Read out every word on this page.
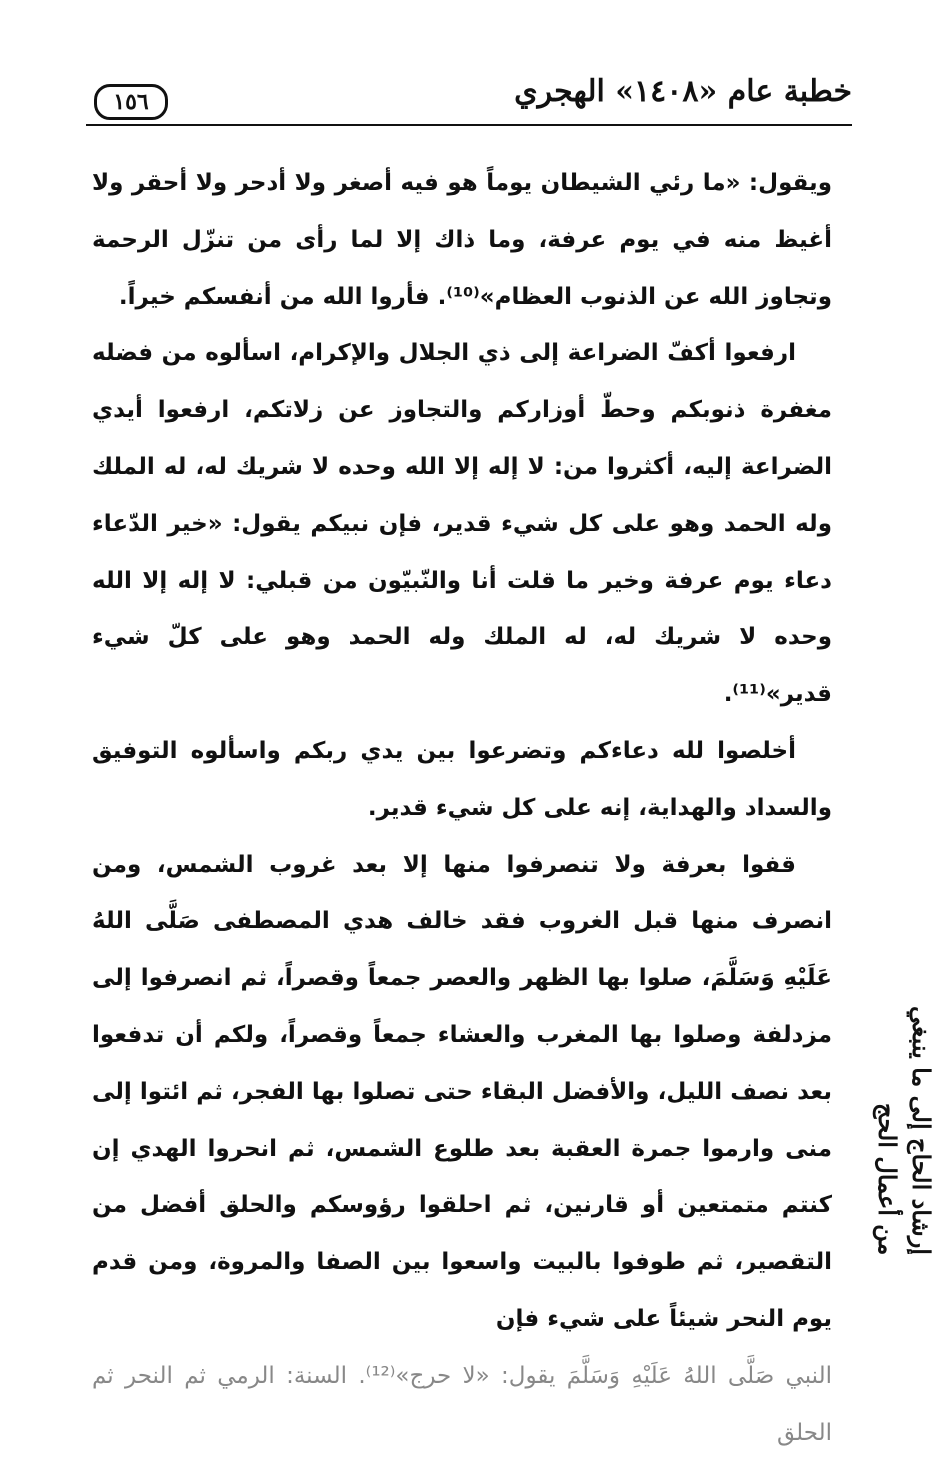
خطبة عام «١٤٠٨» الهجري
١٥٦

ويقول: «ما رئي الشيطان يوماً هو فيه أصغر ولا أدحر ولا أحقر ولا أغيظ منه في يوم عرفة، وما ذاك إلا لما رأى من تنزّل الرحمة وتجاوز الله عن الذنوب العظام»⁽¹⁰⁾. فأروا الله من أنفسكم خيراً.

ارفعوا أكفّ الضراعة إلى ذي الجلال والإكرام، اسألوه من فضله مغفرة ذنوبكم وحطّ أوزاركم والتجاوز عن زلاتكم، ارفعوا أيدي الضراعة إليه، أكثروا من: لا إله إلا الله وحده لا شريك له، له الملك وله الحمد وهو على كل شيء قدير، فإن نبيكم يقول: «خير الدّعاء دعاء يوم عرفة وخير ما قلت أنا والنّبيّون من قبلي: لا إله إلا الله وحده لا شريك له، له الملك وله الحمد وهو على كلّ شيء قدير»⁽¹¹⁾.

أخلصوا لله دعاءكم وتضرعوا بين يدي ربكم واسألوه التوفيق والسداد والهداية، إنه على كل شيء قدير.

قفوا بعرفة ولا تنصرفوا منها إلا بعد غروب الشمس، ومن انصرف منها قبل الغروب فقد خالف هدي المصطفى صَلَّى اللهُ عَلَيْهِ وَسَلَّمَ، صلوا بها الظهر والعصر جمعاً وقصراً، ثم انصرفوا إلى مزدلفة وصلوا بها المغرب والعشاء جمعاً وقصراً، ولكم أن تدفعوا بعد نصف الليل، والأفضل البقاء حتى تصلوا بها الفجر، ثم ائتوا إلى منى وارموا جمرة العقبة بعد طلوع الشمس، ثم انحروا الهدي إن كنتم متمتعين أو قارنين، ثم احلقوا رؤوسكم والحلق أفضل من التقصير، ثم طوفوا بالبيت واسعوا بين الصفا والمروة، ومن قدم يوم النحر شيئاً على شيء فإن

النبي صَلَّى اللهُ عَلَيْهِ وَسَلَّمَ يقول: «لا حرج»⁽¹²⁾. السنة: الرمي ثم النحر ثم الحلق

من أعمال الحج إرشاد الحاج إلى ما ينبغي
